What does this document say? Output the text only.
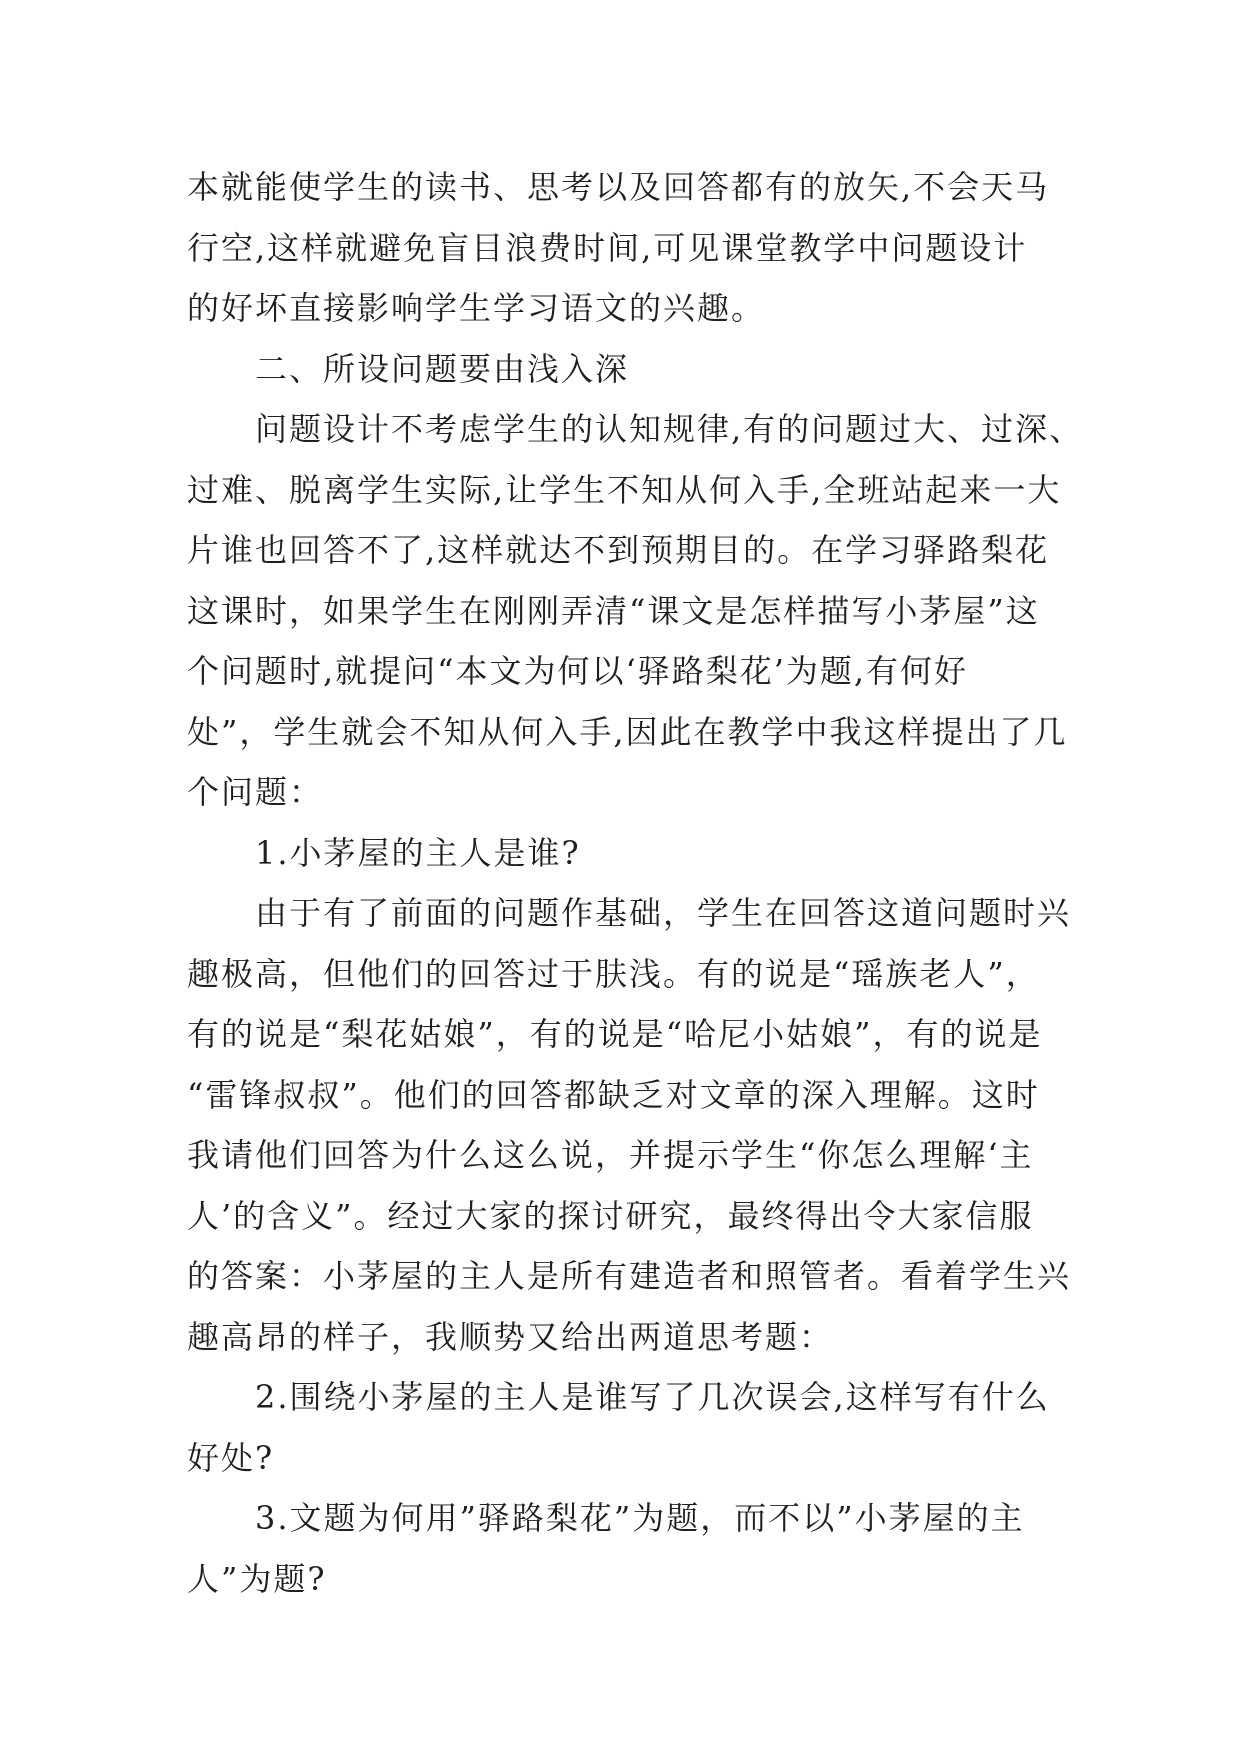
本就能使学生的读书、思考以及回答都有的放矢,不会天马
行空,这样就避免盲目浪费时间,可见课堂教学中问题设计
的好坏直接影响学生学习语文的兴趣。
二、所设问题要由浅入深
问题设计不考虑学生的认知规律,有的问题过大、过深、
过难、脱离学生实际,让学生不知从何入手,全班站起来一大
片谁也回答不了,这样就达不到预期目的。在学习驿路梨花
这课时，如果学生在刚刚弄清“课文是怎样描写小茅屋”这
个问题时,就提问“本文为何以‘驿路梨花’为题,有何好
处”，学生就会不知从何入手,因此在教学中我这样提出了几
个问题：
1.小茅屋的主人是谁?
由于有了前面的问题作基础，学生在回答这道问题时兴
趣极高，但他们的回答过于肤浅。有的说是“瑶族老人”，
有的说是“梨花姑娘”，有的说是“哈尼小姑娘”，有的说是
“雷锋叔叔”。他们的回答都缺乏对文章的深入理解。这时
我请他们回答为什么这么说，并提示学生“你怎么理解‘主
人’的含义”。经过大家的探讨研究，最终得出令大家信服
的答案：小茅屋的主人是所有建造者和照管者。看着学生兴
趣高昂的样子，我顺势又给出两道思考题：
2.围绕小茅屋的主人是谁写了几次误会,这样写有什么
好处?
3.文题为何用”驿路梨花”为题，而不以”小茅屋的主
人”为题?
